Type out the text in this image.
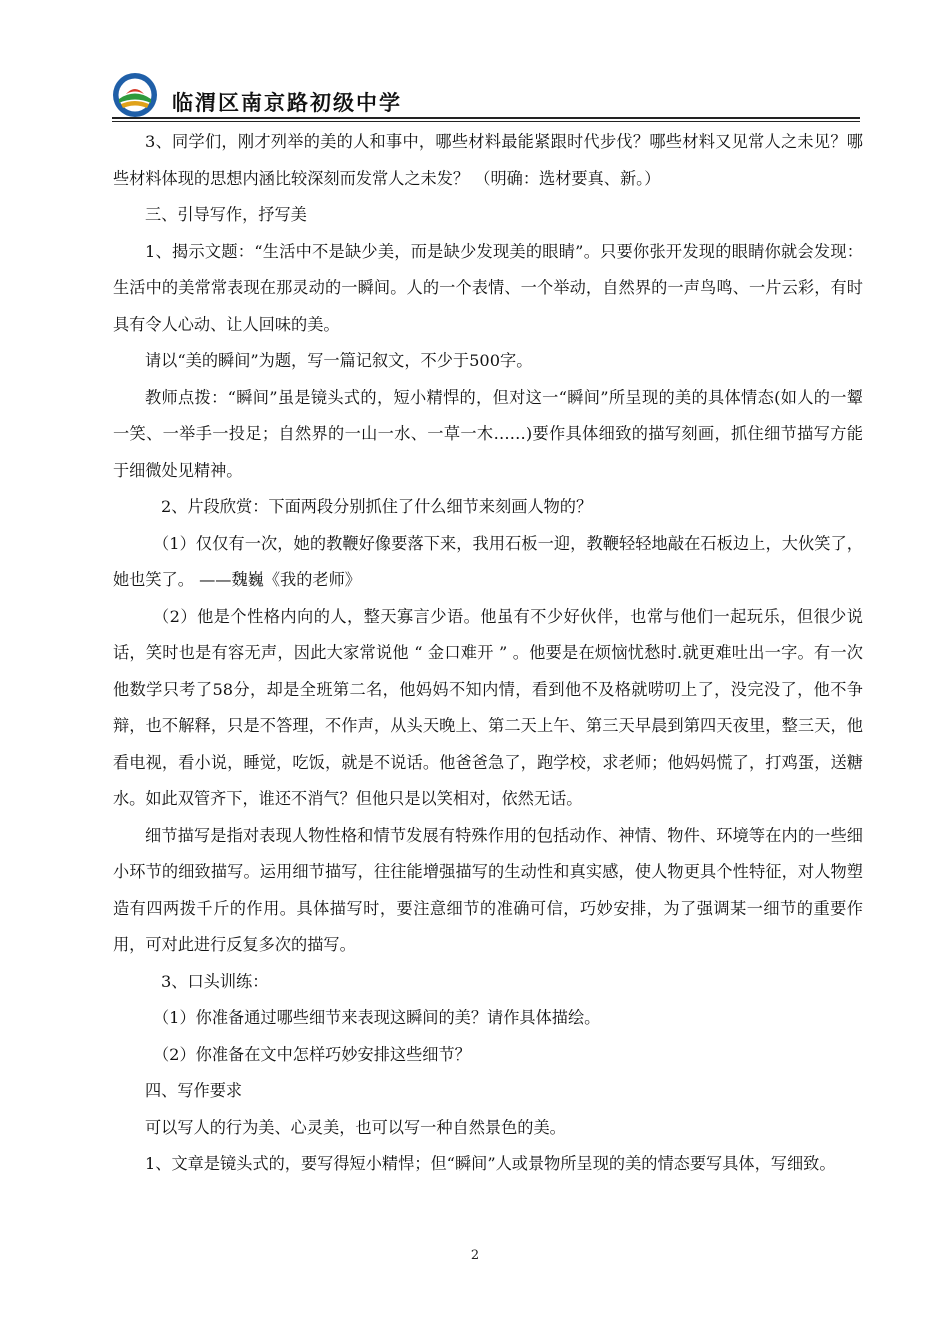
临渭区南京路初级中学

3、同学们，刚才列举的美的人和事中，哪些材料最能紧跟时代步伐？哪些材料又见常人之未见？哪些材料体现的思想内涵比较深刻而发常人之未发？ （明确：选材要真、新。）

三、引导写作，抒写美

1、揭示文题：“生活中不是缺少美，而是缺少发现美的眼睛”。只要你张开发现的眼睛你就会发现：生活中的美常常表现在那灵动的一瞬间。人的一个表情、一个举动，自然界的一声鸟鸣、一片云彩，有时具有令人心动、让人回味的美。

请以“美的瞬间”为题，写一篇记叙文，不少于500字。

教师点拨：“瞬间”虽是镜头式的，短小精悍的，但对这一“瞬间”所呈现的美的具体情态(如人的一颦一笑、一举手一投足；自然界的一山一水、一草一木……)要作具体细致的描写刻画，抓住细节描写方能于细微处见精神。

2、片段欣赏：下面两段分别抓住了什么细节来刻画人物的？

（1）仅仅有一次，她的教鞭好像要落下来，我用石板一迎，教鞭轻轻地敲在石板边上，大伙笑了，她也笑了。 ——魏巍《我的老师》

（2）他是个性格内向的人，整天寡言少语。他虽有不少好伙伴，也常与他们一起玩乐，但很少说话，笑时也是有容无声，因此大家常说他 “ 金口难开 ” 。他要是在烦恼忧愁时.就更难吐出一字。有一次他数学只考了58分，却是全班第二名，他妈妈不知内情，看到他不及格就唠叨上了，没完没了，他不争辩，也不解释，只是不答理，不作声，从头天晚上、第二天上午、第三天早晨到第四天夜里，整三天，他看电视，看小说，睡觉，吃饭，就是不说话。他爸爸急了，跑学校，求老师；他妈妈慌了，打鸡蛋，送糖水。如此双管齐下，谁还不消气？但他只是以笑相对，依然无话。

细节描写是指对表现人物性格和情节发展有特殊作用的包括动作、神情、物件、环境等在内的一些细小环节的细致描写。运用细节描写，往往能增强描写的生动性和真实感，使人物更具个性特征，对人物塑造有四两拨千斤的作用。具体描写时，要注意细节的准确可信，巧妙安排，为了强调某一细节的重要作用，可对此进行反复多次的描写。

3、口头训练：

（1）你准备通过哪些细节来表现这瞬间的美？请作具体描绘。

（2）你准备在文中怎样巧妙安排这些细节？

四、写作要求

可以写人的行为美、心灵美，也可以写一种自然景色的美。

1、文章是镜头式的，要写得短小精悍；但“瞬间”人或景物所呈现的美的情态要写具体，写细致。

2
